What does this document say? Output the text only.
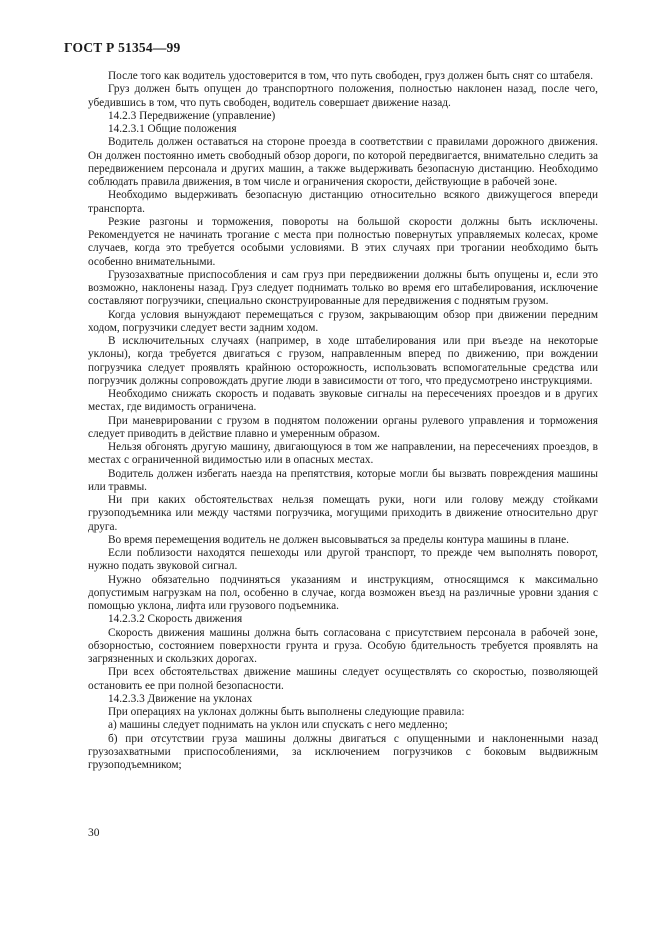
ГОСТ Р 51354—99

После того как водитель удостоверится в том, что путь свободен, груз должен быть снят со штабеля.

Груз должен быть опущен до транспортного положения, полностью наклонен назад, после чего, убедившись в том, что путь свободен, водитель совершает движение назад.

14.2.3 Передвижение (управление)

14.2.3.1 Общие положения

Водитель должен оставаться на стороне проезда в соответствии с правилами дорожного движения. Он должен постоянно иметь свободный обзор дороги, по которой передвигается, внимательно следить за передвижением персонала и других машин, а также выдерживать безопасную дистанцию. Необходимо соблюдать правила движения, в том числе и ограничения скорости, действующие в рабочей зоне.

Необходимо выдерживать безопасную дистанцию относительно всякого движущегося впереди транспорта.

Резкие разгоны и торможения, повороты на большой скорости должны быть исключены. Рекомендуется не начинать трогание с места при полностью повернутых управляемых колесах, кроме случаев, когда это требуется особыми условиями. В этих случаях при трогании необходимо быть особенно внимательными.

Грузозахватные приспособления и сам груз при передвижении должны быть опущены и, если это возможно, наклонены назад. Груз следует поднимать только во время его штабелирования, исключение составляют погрузчики, специально сконструированные для передвижения с поднятым грузом.

Когда условия вынуждают перемещаться с грузом, закрывающим обзор при движении передним ходом, погрузчики следует вести задним ходом.

В исключительных случаях (например, в ходе штабелирования или при въезде на некоторые уклоны), когда требуется двигаться с грузом, направленным вперед по движению, при вождении погрузчика следует проявлять крайнюю осторожность, использовать вспомогательные средства или погрузчик должны сопровождать другие люди в зависимости от того, что предусмотрено инструкциями.

Необходимо снижать скорость и подавать звуковые сигналы на пересечениях проездов и в других местах, где видимость ограничена.

При маневрировании с грузом в поднятом положении органы рулевого управления и торможения следует приводить в действие плавно и умеренным образом.

Нельзя обгонять другую машину, двигающуюся в том же направлении, на пересечениях проездов, в местах с ограниченной видимостью или в опасных местах.

Водитель должен избегать наезда на препятствия, которые могли бы вызвать повреждения машины или травмы.

Ни при каких обстоятельствах нельзя помещать руки, ноги или голову между стойками грузоподъемника или между частями погрузчика, могущими приходить в движение относительно друг друга.

Во время перемещения водитель не должен высовываться за пределы контура машины в плане.

Если поблизости находятся пешеходы или другой транспорт, то прежде чем выполнять поворот, нужно подать звуковой сигнал.

Нужно обязательно подчиняться указаниям и инструкциям, относящимся к максимально допустимым нагрузкам на пол, особенно в случае, когда возможен въезд на различные уровни здания с помощью уклона, лифта или грузового подъемника.

14.2.3.2 Скорость движения

Скорость движения машины должна быть согласована с присутствием персонала в рабочей зоне, обзорностью, состоянием поверхности грунта и груза. Особую бдительность требуется проявлять на загрязненных и скользких дорогах.

При всех обстоятельствах движение машины следует осуществлять со скоростью, позволяющей остановить ее при полной безопасности.

14.2.3.3 Движение на уклонах

При операциях на уклонах должны быть выполнены следующие правила:

а) машины следует поднимать на уклон или спускать с него медленно;

б) при отсутствии груза машины должны двигаться с опущенными и наклоненными назад грузозахватными приспособлениями, за исключением погрузчиков с боковым выдвижным грузоподъемником;

30
